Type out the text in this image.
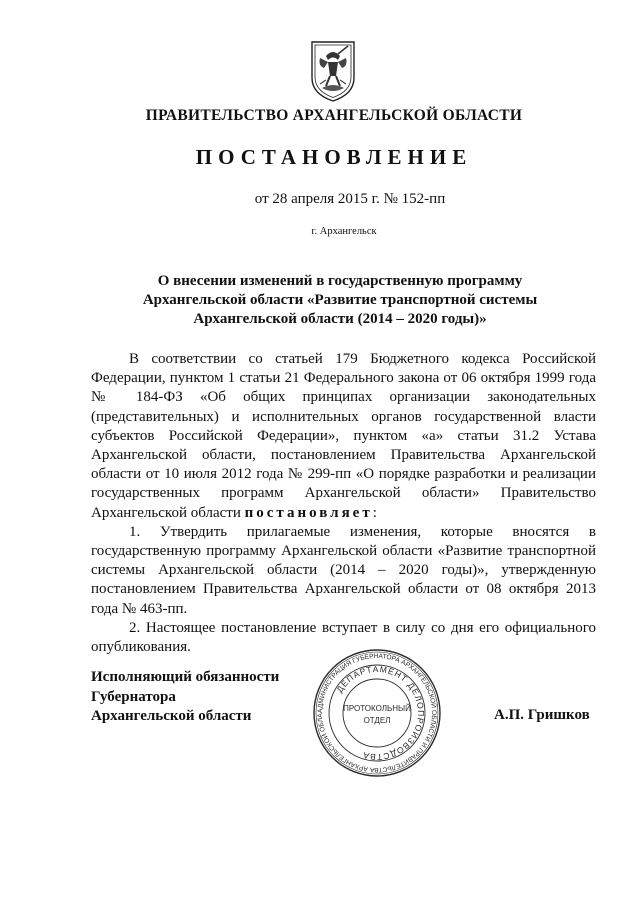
ПРАВИТЕЛЬСТВО АРХАНГЕЛЬСКОЙ ОБЛАСТИ
ПОСТАНОВЛЕНИЕ
от 28 апреля 2015 г. № 152-пп
г. Архангельск
О внесении изменений в государственную программу
Архангельской области «Развитие транспортной системы
Архангельской области (2014 – 2020 годы)»

В соответствии со статьей 179 Бюджетного кодекса Российской Федерации, пунктом 1 статьи 21 Федерального закона от 06 октября 1999 года № 184-ФЗ «Об общих принципах организации законодательных (представительных) и исполнительных органов государственной власти субъектов Российской Федерации», пунктом «а» статьи 31.2 Устава Архангельской области, постановлением Правительства Архангельской области от 10 июля 2012 года № 299-пп «О порядке разработки и реализации государственных программ Архангельской области» Правительство Архангельской области постановляет:

1. Утвердить прилагаемые изменения, которые вносятся в государственную программу Архангельской области «Развитие транспортной системы Архангельской области (2014 – 2020 годы)», утвержденную постановлением Правительства Архангельской области от 08 октября 2013 года № 463-пп.

2. Настоящее постановление вступает в силу со дня его официального опубликования.

Исполняющий обязанности
Губернатора
Архангельской области	АДМИНИСТРАЦИЯ ГУБЕРНАТОРА АРХАНГЕЛЬСКОЙ ОБЛАСТИ И ПРАВИТЕЛЬСТВА АРХАНГЕЛЬСКОЙ ОБЛА
ДЕПАРТАМЕНТ ДЕЛОПРОИЗВОДСТВА
ПРОТОКОЛЬНЫЙ
ОТДЕЛ	А.П. Гришков
